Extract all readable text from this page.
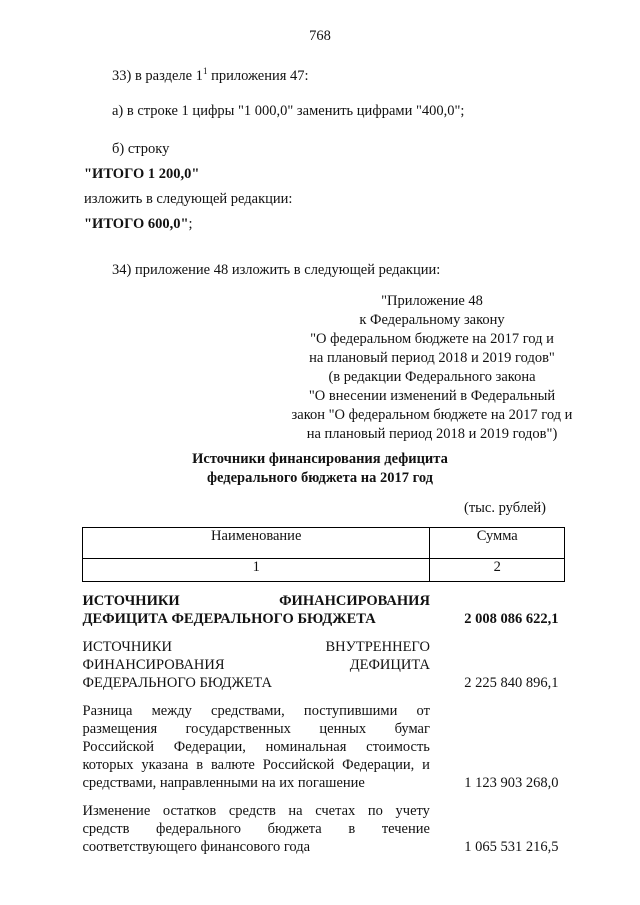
768
33) в разделе $1^1$ приложения 47:
а) в строке 1 цифры "1 000,0" заменить цифрами "400,0";
б) строку
"ИТОГО 1 200,0"
изложить в следующей редакции:
"ИТОГО 600,0";
34) приложение 48 изложить в следующей редакции:
"Приложение 48
к Федеральному закону
"О федеральном бюджете на 2017 год и
на плановый период 2018 и 2019 годов"
(в редакции Федерального закона
"О внесении изменений в Федеральный
закон "О федеральном бюджете на 2017 год и
на плановый период 2018 и 2019 годов")
Источники финансирования дефицита
федерального бюджета на 2017 год
(тыс. рублей)
Наименование	Сумма
1	2

ИСТОЧНИКИ ФИНАНСИРОВАНИЯ
ДЕФИЦИТА ФЕДЕРАЛЬНОГО БЮДЖЕТА	2 008 086 622,1

ИСТОЧНИКИ ВНУТРЕННЕГО
ФИНАНСИРОВАНИЯ ДЕФИЦИТА
ФЕДЕРАЛЬНОГО БЮДЖЕТА	2 225 840 896,1

Разница между средствами, поступившими от
размещения государственных ценных бумаг
Российской Федерации, номинальная стоимость
которых указана в валюте Российской Федерации, и
средствами, направленными на их погашение	1 123 903 268,0

Изменение остатков средств на счетах по учету
средств федерального бюджета в течение
соответствующего финансового года	1 065 531 216,5
